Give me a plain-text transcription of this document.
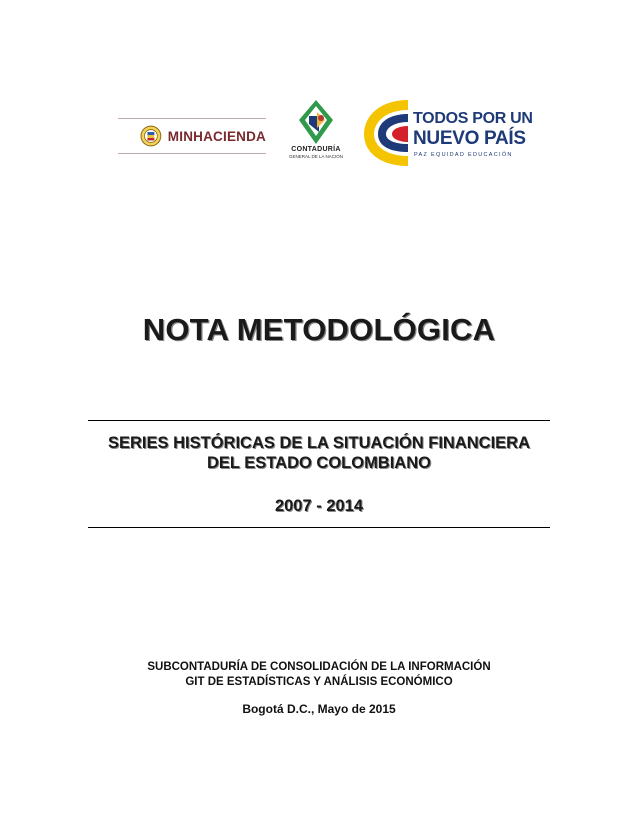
MINHACIENDA
CONTADURÍA
GENERAL DE LA NACIÓN
TODOS POR UN
NUEVO PAÍS
PAZ EQUIDAD EDUCACIÓN
NOTA METODOLÓGICA
SERIES HISTÓRICAS DE LA SITUACIÓN FINANCIERA
DEL ESTADO COLOMBIANO
2007 - 2014
SUBCONTADURÍA DE CONSOLIDACIÓN DE LA INFORMACIÓN
GIT DE ESTADÍSTICAS Y ANÁLISIS ECONÓMICO
Bogotá D.C., Mayo de 2015
